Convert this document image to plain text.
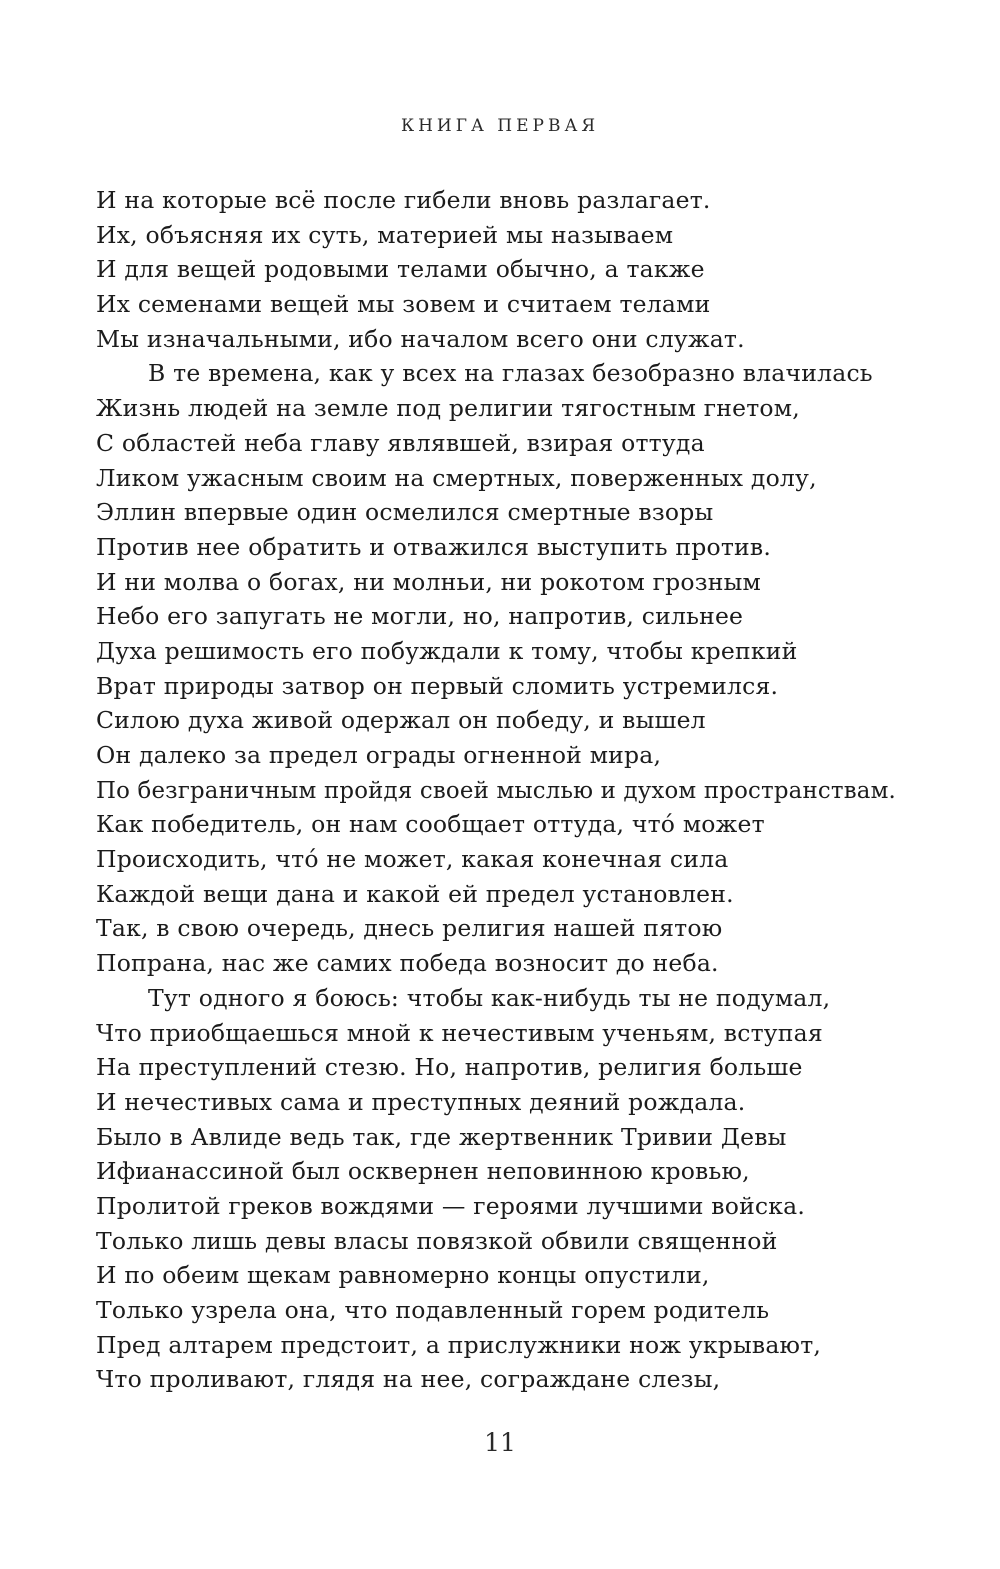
КНИГА ПЕРВАЯ
И на которые всё после гибели вновь разлагает.
Их, объясняя их суть, материей мы называем
И для вещей родовыми телами обычно, а также
Их семенами вещей мы зовем и считаем телами
Мы изначальными, ибо началом всего они служат.
В те времена, как у всех на глазах безобразно влачилась
Жизнь людей на земле под религии тягостным гнетом,
С областей неба главу являвшей, взирая оттуда
Ликом ужасным своим на смертных, поверженных долу,
Эллин впервые один осмелился смертные взоры
Против нее обратить и отважился выступить против.
И ни молва о богах, ни молньи, ни рокотом грозным
Небо его запугать не могли, но, напротив, сильнее
Духа решимость его побуждали к тому, чтобы крепкий
Врат природы затвор он первый сломить устремился.
Силою духа живой одержал он победу, и вышел
Он далеко за предел ограды огненной мира,
По безграничным пройдя своей мыслью и духом пространствам.
Как победитель, он нам сообщает оттуда, что́ может
Происходить, что́ не может, какая конечная сила
Каждой вещи дана и какой ей предел установлен.
Так, в свою очередь, днесь религия нашей пятою
Попрана, нас же самих победа возносит до неба.
Тут одного я боюсь: чтобы как-нибудь ты не подумал,
Что приобщаешься мной к нечестивым ученьям, вступая
На преступлений стезю. Но, напротив, религия больше
И нечестивых сама и преступных деяний рождала.
Было в Авлиде ведь так, где жертвенник Тривии Девы
Ифианассиной был осквернен неповинною кровью,
Пролитой греков вождями — героями лучшими войска.
Только лишь девы власы повязкой обвили священной
И по обеим щекам равномерно концы опустили,
Только узрела она, что подавленный горем родитель
Пред алтарем предстоит, а прислужники нож укрывают,
Что проливают, глядя на нее, сограждане слезы,
11
